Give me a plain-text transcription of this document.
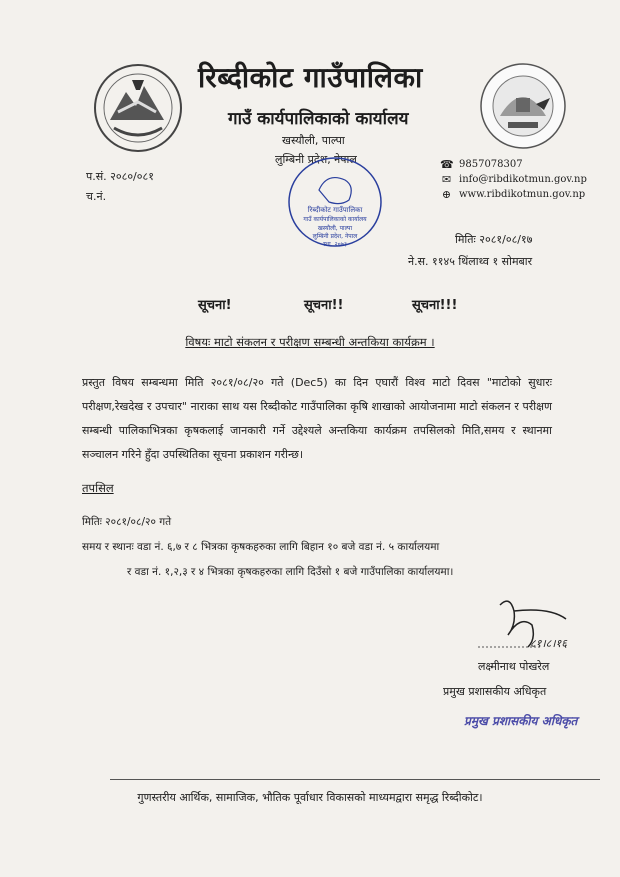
रिब्दीकोट गाउँपालिका
गाउँ कार्यपालिकाको कार्यालय
खस्यौली, पाल्पा
लुम्बिनी प्रदेश, नेपाल
प.सं. २०८०/०८१
च.नं.
☎ 9857078307
✉ info@ribdikotmun.gov.np
⊕ www.ribdikotmun.gov.np
रिब्दीकोट गाउँपालिका
गाउँ कार्यपालिकाको कार्यालय
खस्यौली, पाल्पा
लुम्बिनी प्रदेश, नेपाल
स्था. २०७३	मितिः २०८१/०८/१७
ने.स. ११४५ थिंलाथ्व १ सोमबार
सूचना!	सूचना!!	सूचना!!!
विषयः माटो संकलन र परीक्षण सम्बन्धी अन्तकिया कार्यक्रम ।
प्रस्तुत विषय सम्बन्धमा मिति २०८१/०८/२० गते (Dec5) का दिन एघारौं विश्व माटो दिवस "माटोको सुधारः परीक्षण,रेखदेख र उपचार" नाराका साथ यस रिब्दीकोट गाउँपालिका कृषि शाखाको आयोजनामा माटो संकलन र परीक्षण सम्बन्धी पालिकाभित्रका कृषकलाई जानकारी गर्ने उद्देश्यले अन्तकिया कार्यक्रम तपसिलको मिति,समय र स्थानमा सञ्चालन गरिने हुँदा उपस्थितिका सूचना प्रकाशन गरीन्छ।
तपसिल
मितिः २०८१/०८/२० गते
समय र स्थानः वडा नं. ६,७ र ८ भित्रका कृषकहरुका लागि बिहान १० बजे वडा नं. ५ कार्यालयमा
र वडा नं. १,२,३ र ४ भित्रका कृषकहरुका लागि दिउँसो १ बजे गाउँपालिका कार्यालयमा।
८१।८।१६
लक्ष्मीनाथ पोखरेल
प्रमुख प्रशासकीय अधिकृत
प्रमुख प्रशासकीय अधिकृत
गुणस्तरीय आर्थिक, सामाजिक, भौतिक पूर्वाधार विकासको माध्यमद्वारा समृद्ध रिब्दीकोट।
